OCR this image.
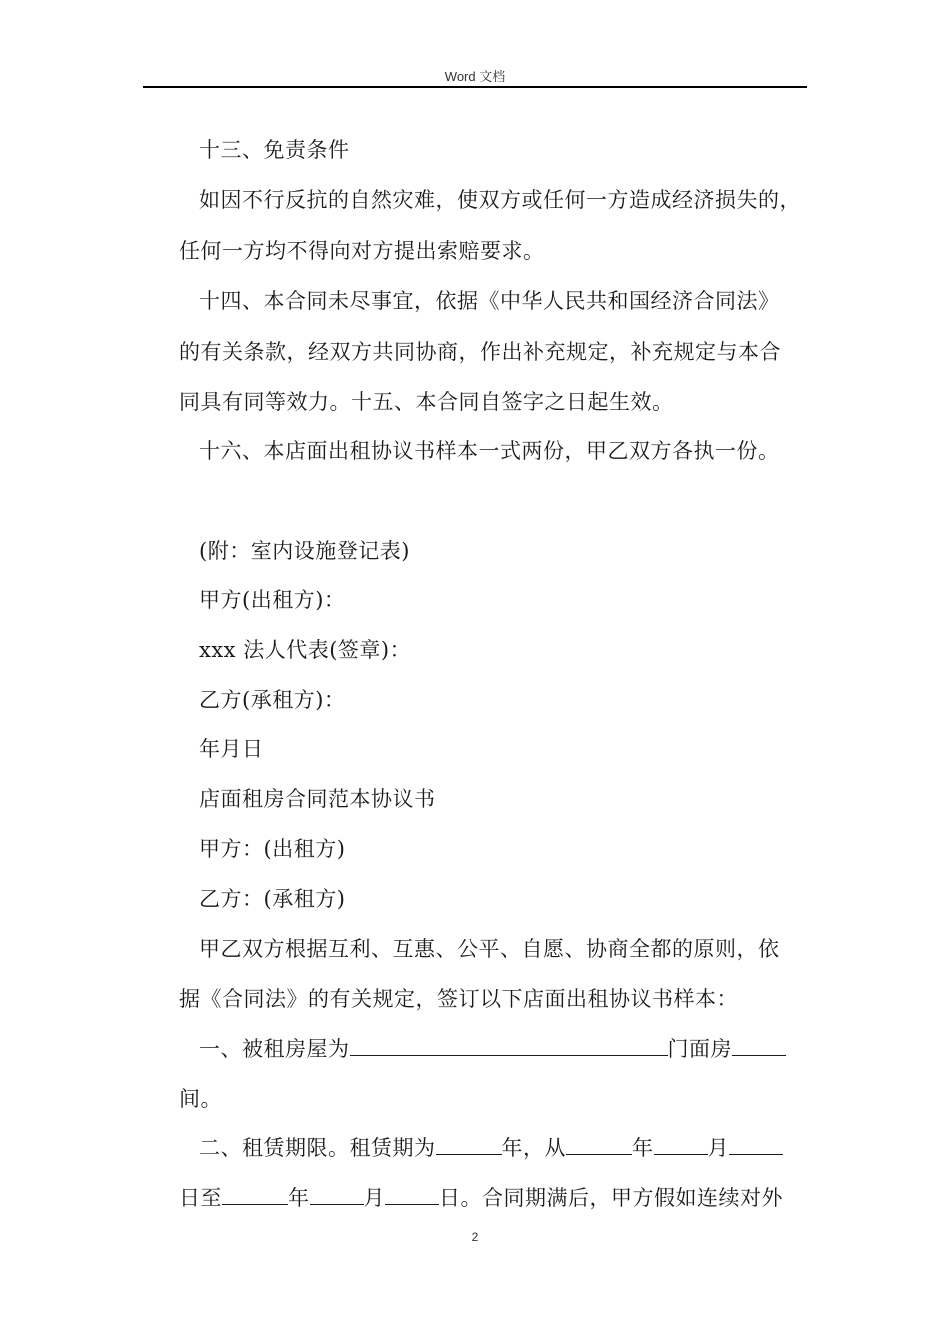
Word 文档
十三、免责条件
如因不行反抗的自然灾难，使双方或任何一方造成经济损失的，
任何一方均不得向对方提出索赔要求。
十四、本合同未尽事宜，依据《中华人民共和国经济合同法》
的有关条款，经双方共同协商，作出补充规定，补充规定与本合
同具有同等效力。十五、本合同自签字之日起生效。
十六、本店面出租协议书样本一式两份，甲乙双方各执一份。
(附：室内设施登记表)
甲方(出租方)：
xxx 法人代表(签章)：
乙方(承租方)：
年月日
店面租房合同范本协议书
甲方：(出租方)
乙方：(承租方)
甲乙双方根据互利、互惠、公平、自愿、协商全都的原则，依
据《合同法》的有关规定，签订以下店面出租协议书样本：
一、被租房屋为	门面房
间。
二、租赁期限。租赁期为	年，从	年	月
日至	年	月	日。合同期满后，甲方假如连续对外
2
